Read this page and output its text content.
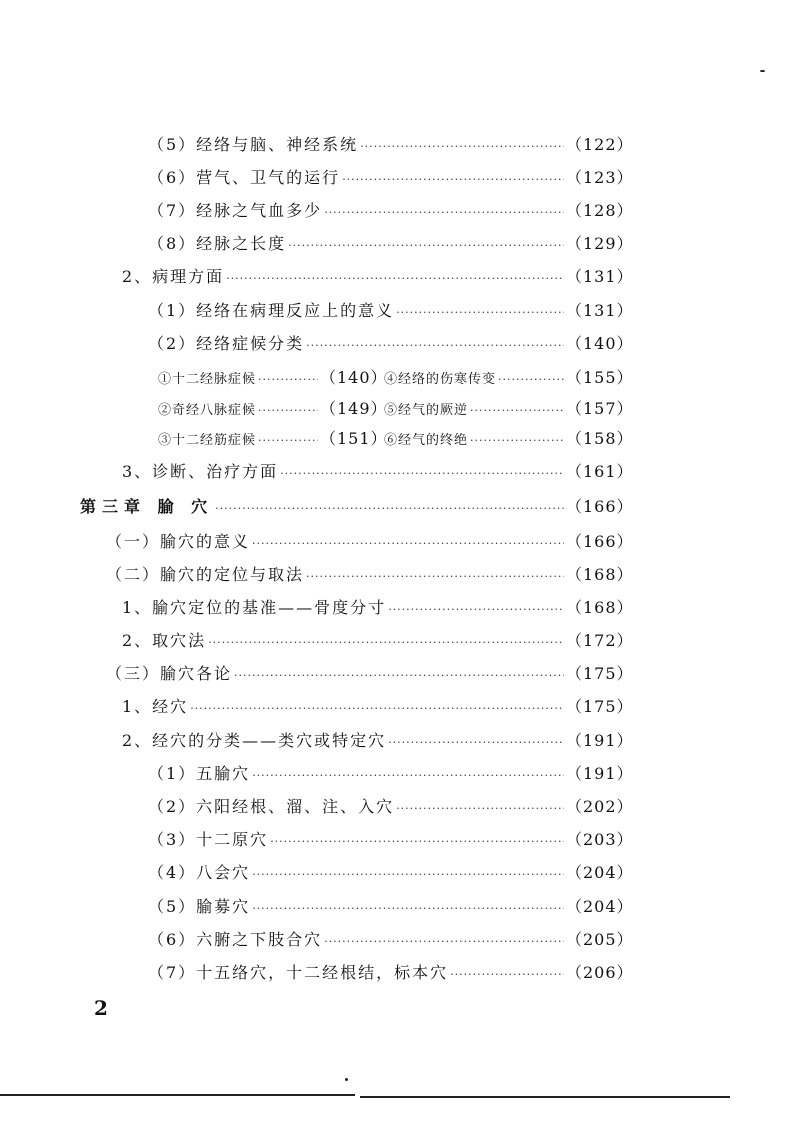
（5）经络与脑、神经系统 ·····	（122）
（6）营气、卫气的运行 ·····	（123）
（7）经脉之气血多少 ·····	（128）
（8）经脉之长度 ·····	（129）
2、病理方面 ·····	（131）
（1）经络在病理反应上的意义 ·····	（131）
（2）经络症候分类 ·····	（140）
①十二经脉症候 ·····	（140）
④经络的伤寒传变 ·····	（155）
②奇经八脉症候 ·····	（149）
⑤经气的厥逆 ·····	（157）
③十二经筋症候 ·····	（151）
⑥经气的终绝 ·····	（158）
3、诊断、治疗方面 ·····	（161）
第三章 腧 穴 ·····	（166）
（一）腧穴的意义 ·····	（166）
（二）腧穴的定位与取法 ·····	（168）
1、腧穴定位的基准——骨度分寸 ·····	（168）
2、取穴法 ·····	（172）
（三）腧穴各论 ·····	（175）
1、经穴 ·····	（175）
2、经穴的分类——类穴或特定穴 ·····	（191）
（1）五腧穴 ·····	（191）
（2）六阳经根、溜、注、入穴 ·····	（202）
（3）十二原穴 ·····	（203）
（4）八会穴 ·····	（204）
（5）腧募穴 ·····	（204）
（6）六腑之下肢合穴 ·····	（205）
（7）十五络穴，十二经根结，标本穴 ·····	（206）
2
